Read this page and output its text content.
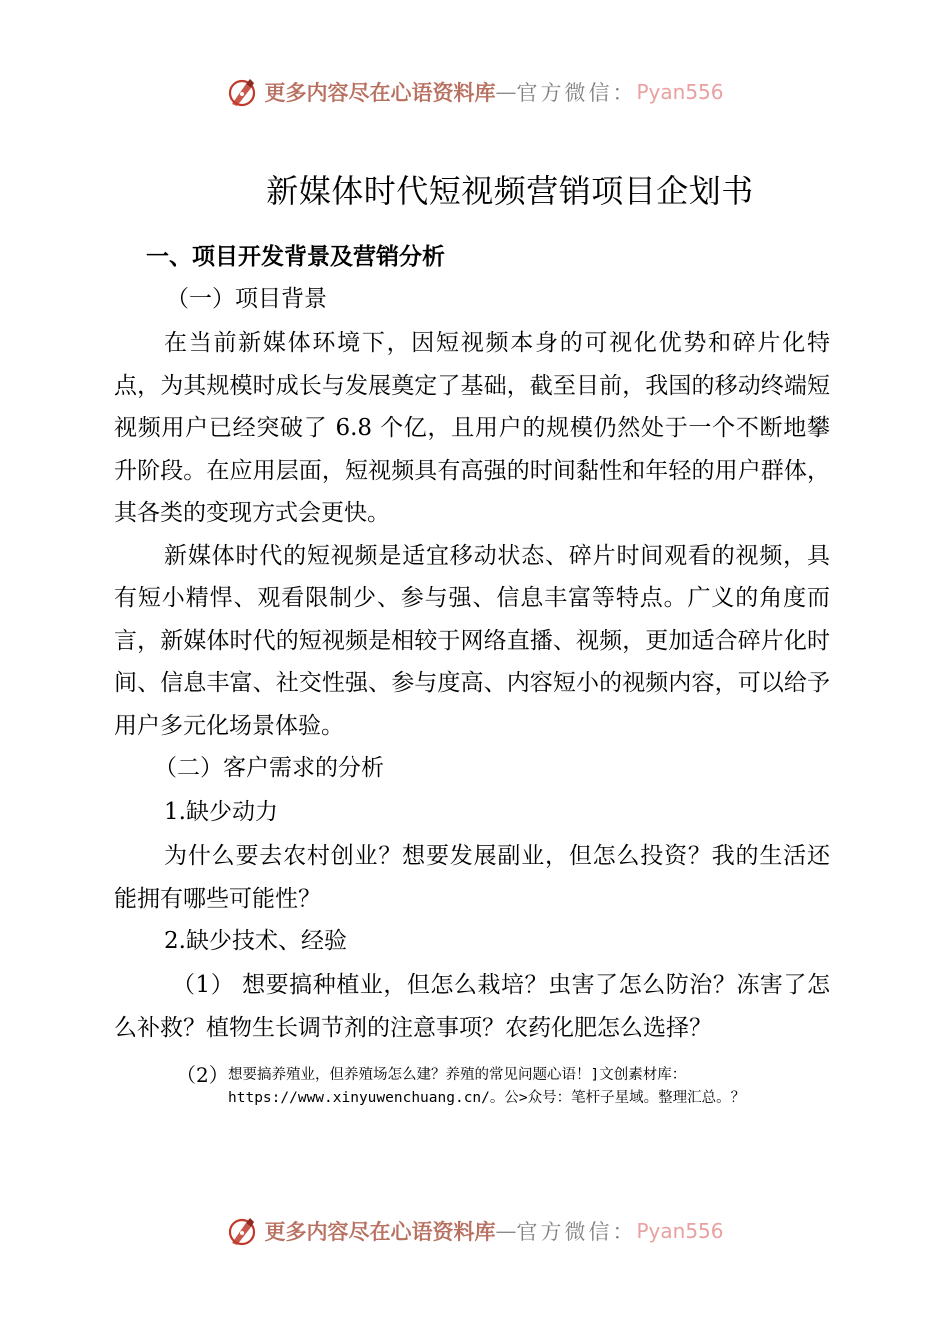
更多内容尽在心语资料库 — 官方微信： Pyan556
新媒体时代短视频营销项目企划书
一、项目开发背景及营销分析
（一）项目背景

在当前新媒体环境下，因短视频本身的可视化优势和碎片化特点，为其规模时成长与发展奠定了基础，截至目前，我国的移动终端短视频用户已经突破了 6.8 个亿，且用户的规模仍然处于一个不断地攀升阶段。在应用层面，短视频具有高强的时间黏性和年轻的用户群体，其各类的变现方式会更快。

新媒体时代的短视频是适宜移动状态、碎片时间观看的视频，具有短小精悍、观看限制少、参与强、信息丰富等特点。广义的角度而言，新媒体时代的短视频是相较于网络直播、视频，更加适合碎片化时间、信息丰富、社交性强、参与度高、内容短小的视频内容，可以给予用户多元化场景体验。

（二）客户需求的分析
1.缺少动力

为什么要去农村创业？想要发展副业，但怎么投资？我的生活还能拥有哪些可能性？

2.缺少技术、经验

（1） 想要搞种植业，但怎么栽培？虫害了怎么防治？冻害了怎么补救？植物生长调节剂的注意事项？农药化肥怎么选择？

（2） 想要搞养殖业，但养殖场怎么建？养殖的常见问题心语！]文创素材库：
https://www.xinyuwenchuang.cn/。公>众号：笔杆子星域。整理汇总。？
更多内容尽在心语资料库 — 官方微信： Pyan556
